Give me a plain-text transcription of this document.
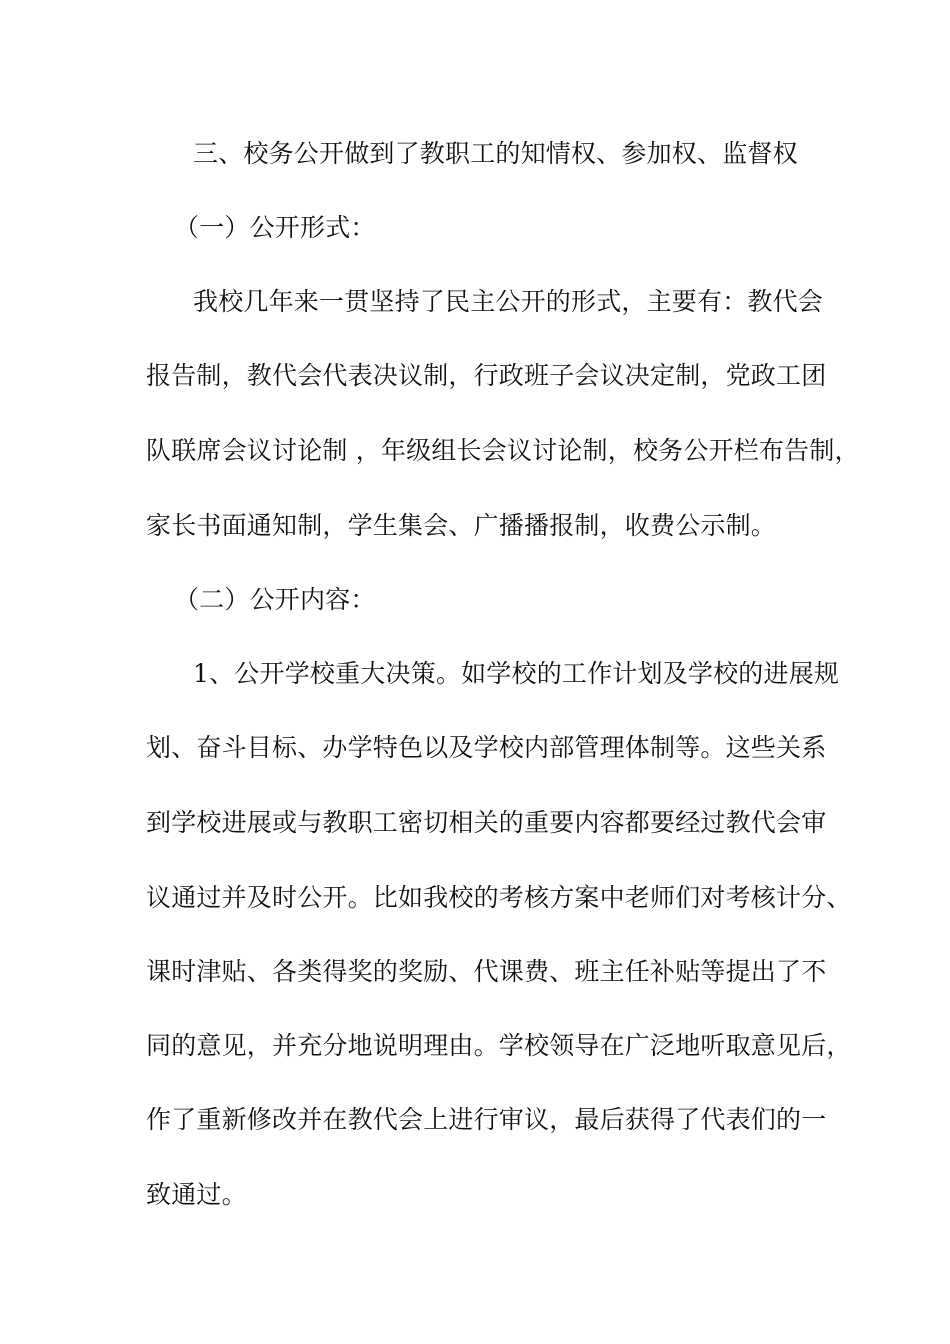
三、校务公开做到了教职工的知情权、参加权、监督权
（一）公开形式：
我校几年来一贯坚持了民主公开的形式，主要有：教代会
报告制，教代会代表决议制，行政班子会议决定制，党政工团
队联席会议讨论制 ，年级组长会议讨论制，校务公开栏布告制，
家长书面通知制，学生集会、广播播报制，收费公示制。
（二）公开内容：
1、公开学校重大决策。如学校的工作计划及学校的进展规
划、奋斗目标、办学特色以及学校内部管理体制等。这些关系
到学校进展或与教职工密切相关的重要内容都要经过教代会审
议通过并及时公开。比如我校的考核方案中老师们对考核计分、
课时津贴、各类得奖的奖励、代课费、班主任补贴等提出了不
同的意见，并充分地说明理由。学校领导在广泛地听取意见后，
作了重新修改并在教代会上进行审议，最后获得了代表们的一
致通过。
